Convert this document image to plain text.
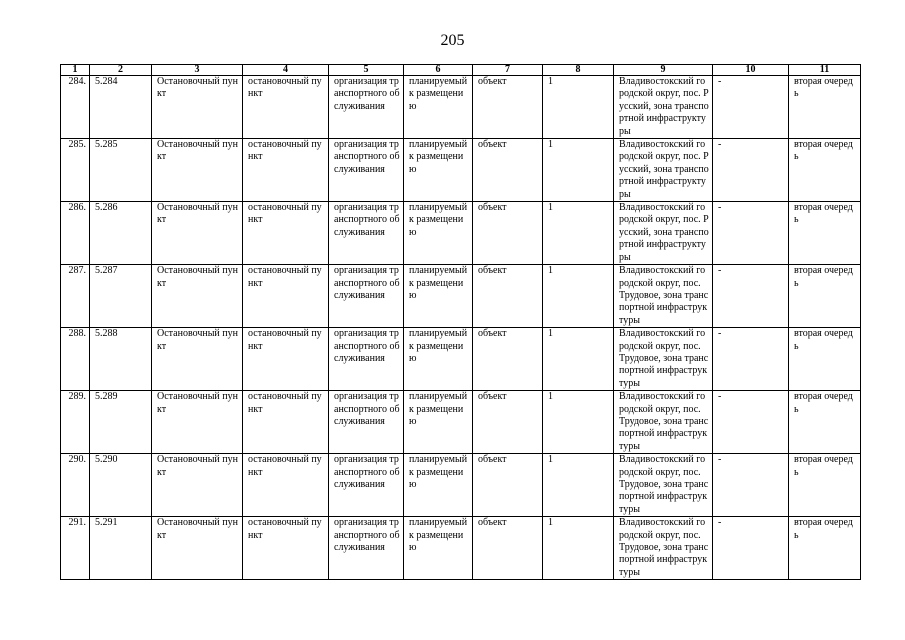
205
1	2	3	4	5	6	7	8	9	10	11
284.	5.284	Остановочный пункт	остановочный пункт	организация транспортного обслуживания	планируемый к размещению	объект	1	Владивостокский городской округ, пос. Русский, зона транспортной инфраструктуры	-	вторая очередь
285.	5.285	Остановочный пункт	остановочный пункт	организация транспортного обслуживания	планируемый к размещению	объект	1	Владивостокский городской округ, пос. Русский, зона транспортной инфраструктуры	-	вторая очередь
286.	5.286	Остановочный пункт	остановочный пункт	организация транспортного обслуживания	планируемый к размещению	объект	1	Владивостокский городской округ, пос. Русский, зона транспортной инфраструктуры	-	вторая очередь
287.	5.287	Остановочный пункт	остановочный пункт	организация транспортного обслуживания	планируемый к размещению	объект	1	Владивостокский городской округ, пос. Трудовое, зона транспортной инфраструктуры	-	вторая очередь
288.	5.288	Остановочный пункт	остановочный пункт	организация транспортного обслуживания	планируемый к размещению	объект	1	Владивостокский городской округ, пос. Трудовое, зона транспортной инфраструктуры	-	вторая очередь
289.	5.289	Остановочный пункт	остановочный пункт	организация транспортного обслуживания	планируемый к размещению	объект	1	Владивостокский городской округ, пос. Трудовое, зона транспортной инфраструктуры	-	вторая очередь
290.	5.290	Остановочный пункт	остановочный пункт	организация транспортного обслуживания	планируемый к размещению	объект	1	Владивостокский городской округ, пос. Трудовое, зона транспортной инфраструктуры	-	вторая очередь
291.	5.291	Остановочный пункт	остановочный пункт	организация транспортного обслуживания	планируемый к размещению	объект	1	Владивостокский городской округ, пос. Трудовое, зона транспортной инфраструктуры	-	вторая очередь
